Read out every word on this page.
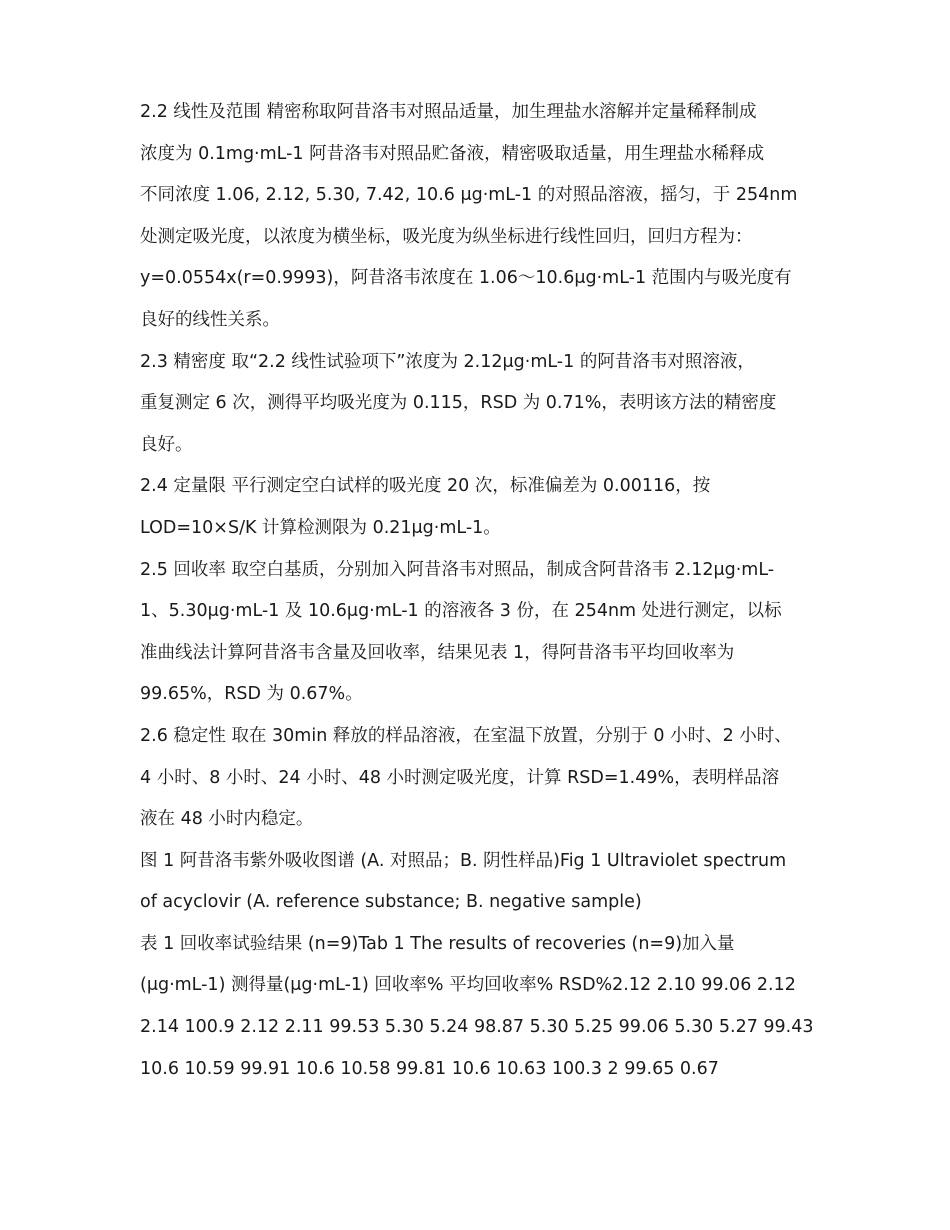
2.2 线性及范围 精密称取阿昔洛韦对照品适量，加生理盐水溶解并定量稀释制成
浓度为 0.1mg·mL-1 阿昔洛韦对照品贮备液，精密吸取适量，用生理盐水稀释成
不同浓度 1.06, 2.12, 5.30, 7.42, 10.6 μg·mL-1 的对照品溶液，摇匀，于 254nm
处测定吸光度，以浓度为横坐标，吸光度为纵坐标进行线性回归，回归方程为：
y=0.0554x(r=0.9993)，阿昔洛韦浓度在 1.06～10.6μg·mL-1 范围内与吸光度有
良好的线性关系。
2.3 精密度 取“2.2 线性试验项下”浓度为 2.12μg·mL-1 的阿昔洛韦对照溶液，
重复测定 6 次，测得平均吸光度为 0.115，RSD 为 0.71%，表明该方法的精密度
良好。
2.4 定量限 平行测定空白试样的吸光度 20 次，标准偏差为 0.00116，按
LOD=10×S/K 计算检测限为 0.21μg·mL-1。
2.5 回收率 取空白基质，分别加入阿昔洛韦对照品，制成含阿昔洛韦 2.12μg·mL-
1、5.30μg·mL-1 及 10.6μg·mL-1 的溶液各 3 份，在 254nm 处进行测定，以标
准曲线法计算阿昔洛韦含量及回收率，结果见表 1，得阿昔洛韦平均回收率为
99.65%，RSD 为 0.67%。
2.6 稳定性 取在 30min 释放的样品溶液，在室温下放置，分别于 0 小时、2 小时、
4 小时、8 小时、24 小时、48 小时测定吸光度，计算 RSD=1.49%，表明样品溶
液在 48 小时内稳定。
图 1 阿昔洛韦紫外吸收图谱 (A. 对照品；B. 阴性样品)Fig 1 Ultraviolet spectrum
of acyclovir (A. reference substance; B. negative sample)
表 1 回收率试验结果 (n=9)Tab 1 The results of recoveries (n=9)加入量
(μg·mL-1) 测得量(μg·mL-1) 回收率% 平均回收率% RSD%2.12 2.10 99.06 2.12
2.14 100.9 2.12 2.11 99.53 5.30 5.24 98.87 5.30 5.25 99.06 5.30 5.27 99.43
10.6 10.59 99.91 10.6 10.58 99.81 10.6 10.63 100.3 2 99.65 0.67
